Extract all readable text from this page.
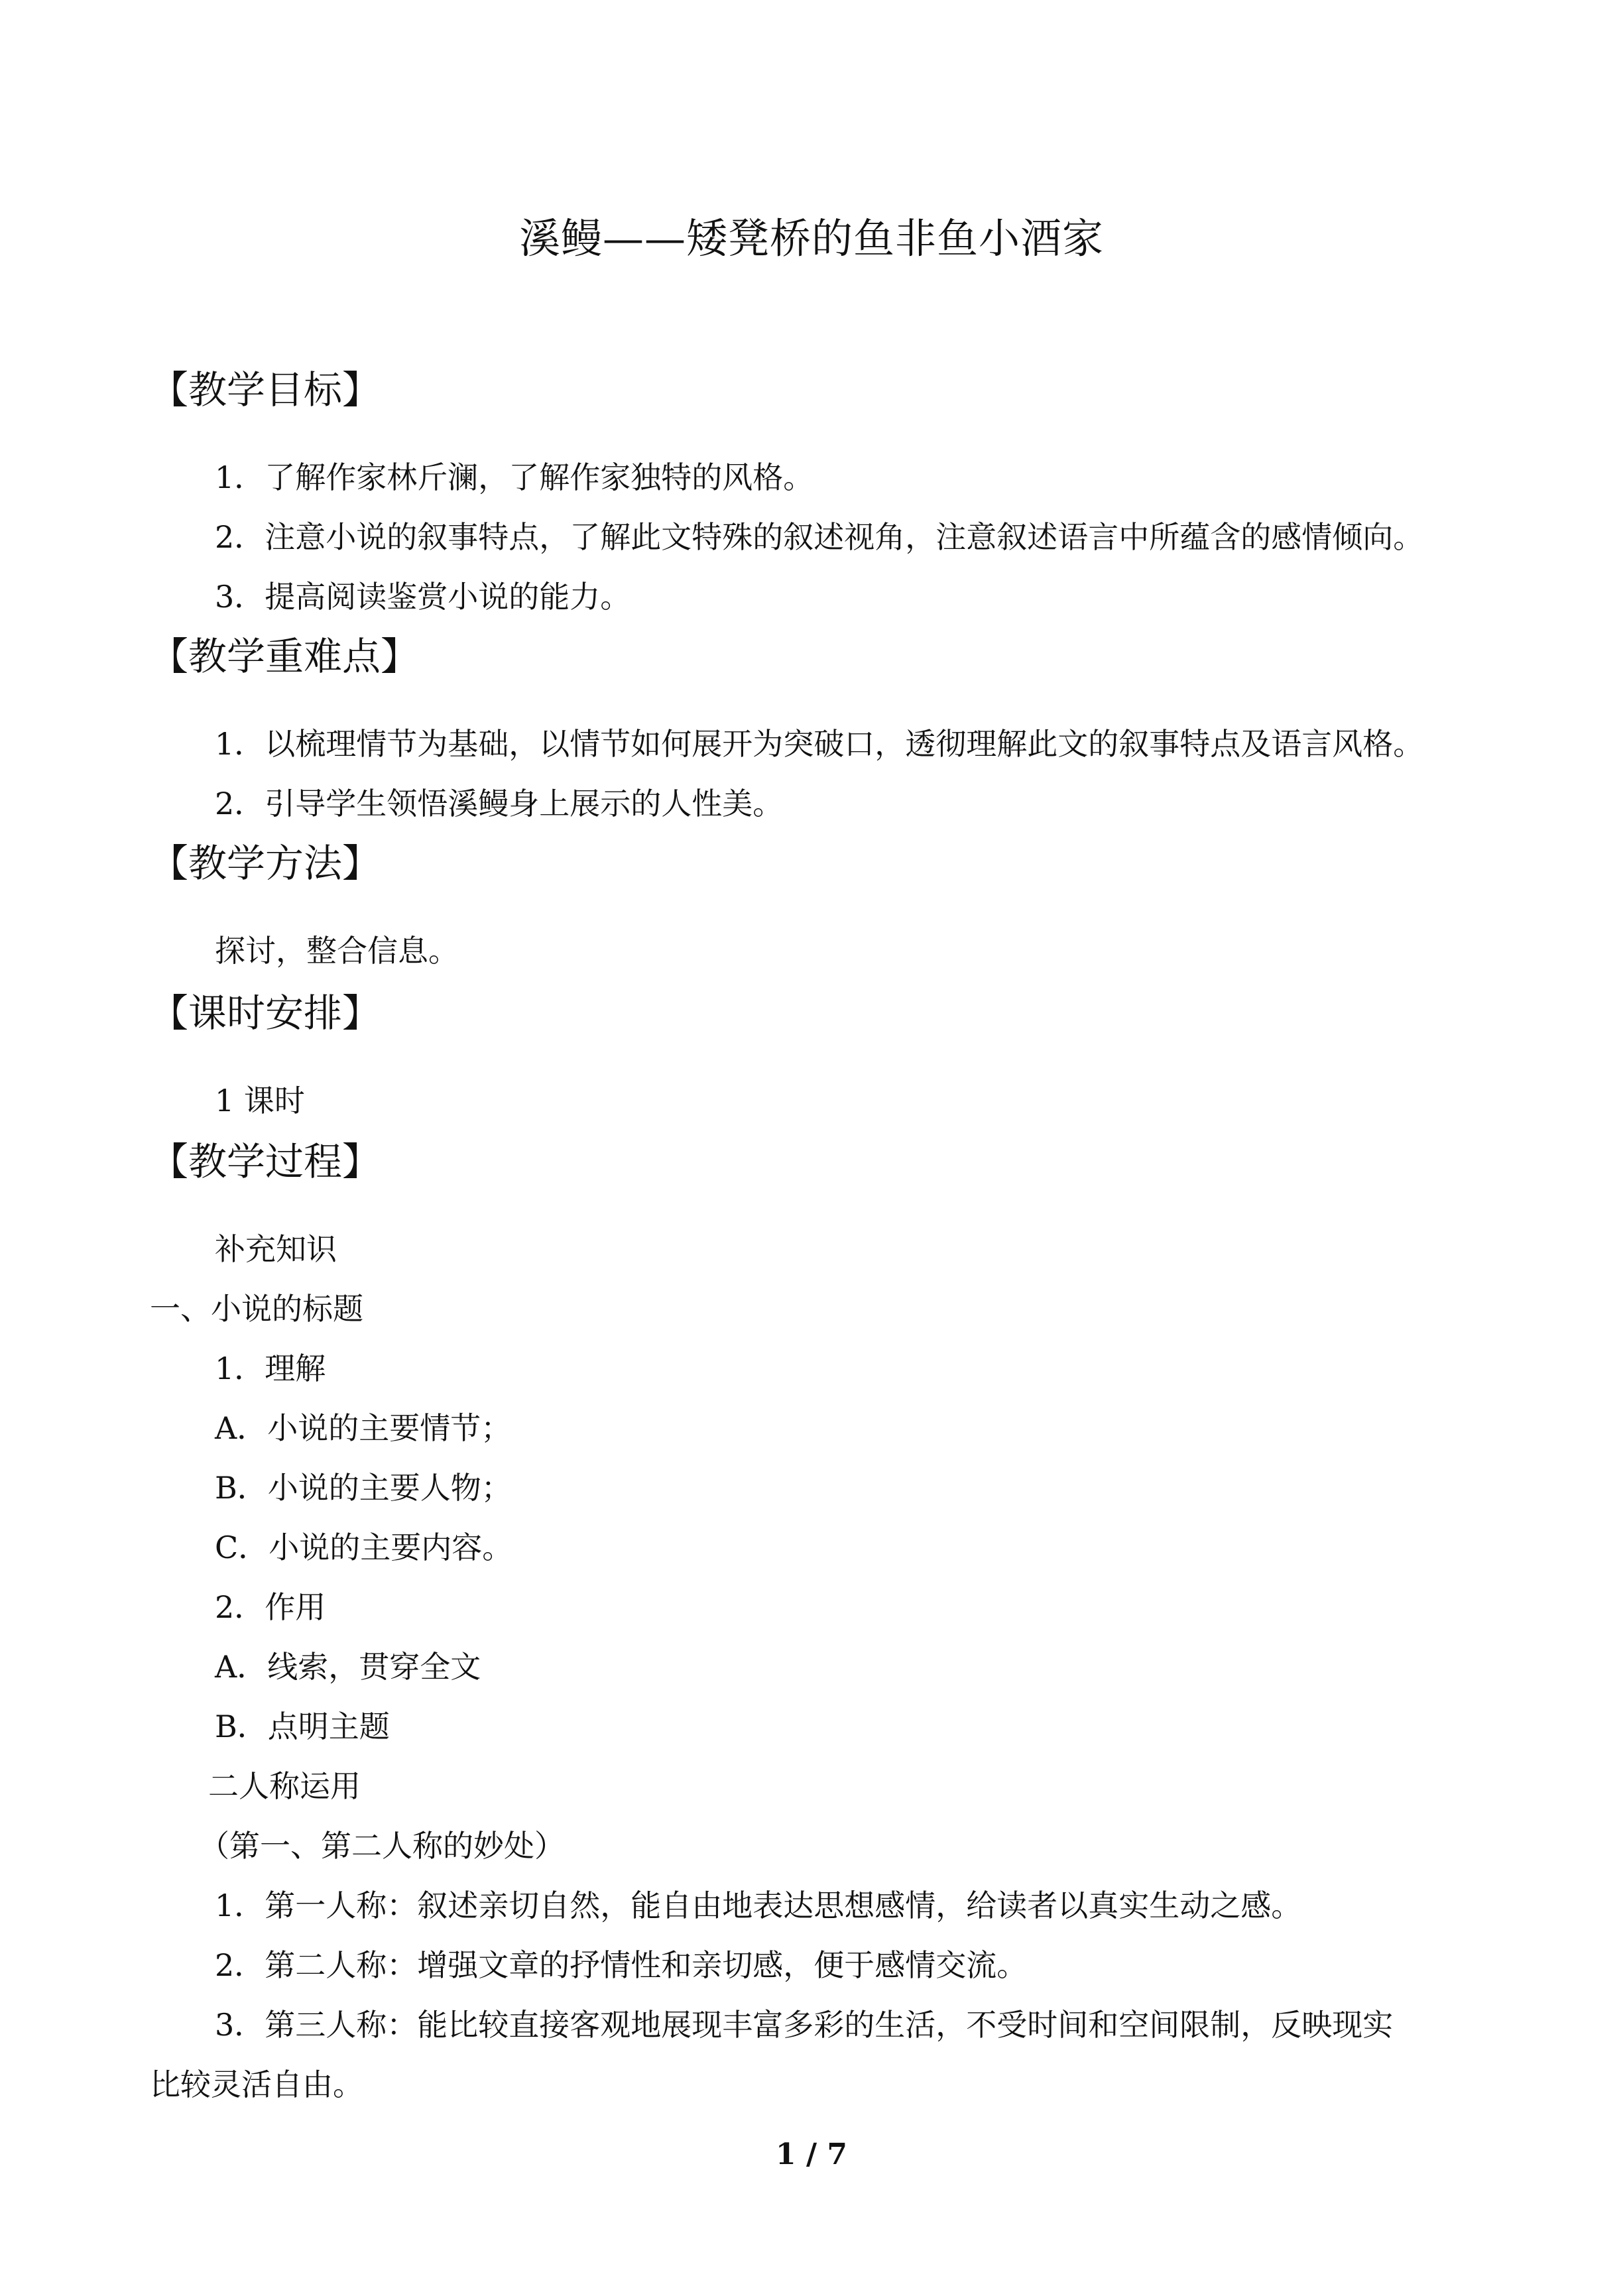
溪鳗——矮凳桥的鱼非鱼小酒家
【教学目标】
1．了解作家林斤澜，了解作家独特的风格。
2．注意小说的叙事特点，了解此文特殊的叙述视角，注意叙述语言中所蕴含的感情倾向。
3．提高阅读鉴赏小说的能力。
【教学重难点】
1．以梳理情节为基础，以情节如何展开为突破口，透彻理解此文的叙事特点及语言风格。
2．引导学生领悟溪鳗身上展示的人性美。
【教学方法】
探讨，整合信息。
【课时安排】
1 课时
【教学过程】
补充知识
一、小说的标题
1．理解
A．小说的主要情节；
B．小说的主要人物；
C．小说的主要内容。
2．作用
A．线索，贯穿全文
B．点明主题
二人称运用
（第一、第二人称的妙处）
1．第一人称：叙述亲切自然，能自由地表达思想感情，给读者以真实生动之感。
2．第二人称：增强文章的抒情性和亲切感，便于感情交流。
3．第三人称：能比较直接客观地展现丰富多彩的生活，不受时间和空间限制，反映现实
比较灵活自由。
1 / 7
